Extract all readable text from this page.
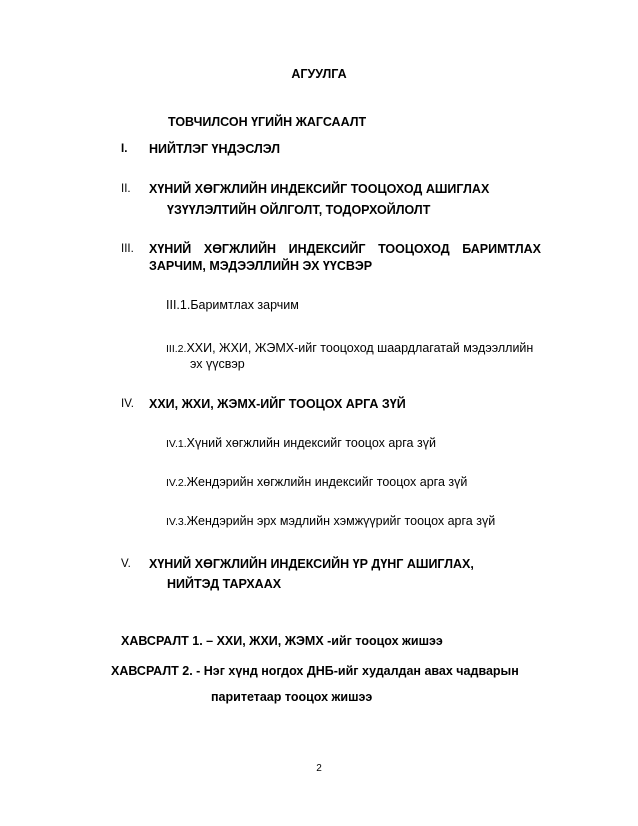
АГУУЛГА
ТОВЧИЛСОН ҮГИЙН ЖАГСААЛТ
I. НИЙТЛЭГ ҮНДЭСЛЭЛ
II. ХҮНИЙ ХӨГЖЛИЙН ИНДЕКСИЙГ ТООЦОХОД АШИГЛАХ
ҮЗҮҮЛЭЛТИЙН ОЙЛГОЛТ, ТОДОРХОЙЛОЛТ
III. ХҮНИЙ ХӨГЖЛИЙН ИНДЕКСИЙГ ТООЦОХОД БАРИМТЛАХ
ЗАРЧИМ, МЭДЭЭЛЛИЙН ЭХ ҮҮСВЭР
III.1.Баримтлах зарчим
III.2.ХХИ, ЖХИ, ЖЭМХ-ийг тооцоход шаардлагатай мэдээллийн
эх үүсвэр
IV. ХХИ, ЖХИ, ЖЭМХ-ИЙГ ТООЦОХ АРГА ЗҮЙ
IV.1.Хүний хөгжлийн индексийг тооцох арга зүй
IV.2.Жендэрийн хөгжлийн индексийг тооцох арга зүй
IV.3.Жендэрийн эрх мэдлийн хэмжүүрийг тооцох арга зүй
V. ХҮНИЙ ХӨГЖЛИЙН ИНДЕКСИЙН ҮР ДҮНГ АШИГЛАХ,
НИЙТЭД ТАРХААХ
ХАВСРАЛТ 1. – ХХИ, ЖХИ, ЖЭМХ -ийг тооцох жишээ
ХАВСРАЛТ 2. - Нэг хүнд ногдох ДНБ-ийг худалдан авах чадварын
паритетаар тооцох жишээ
2
